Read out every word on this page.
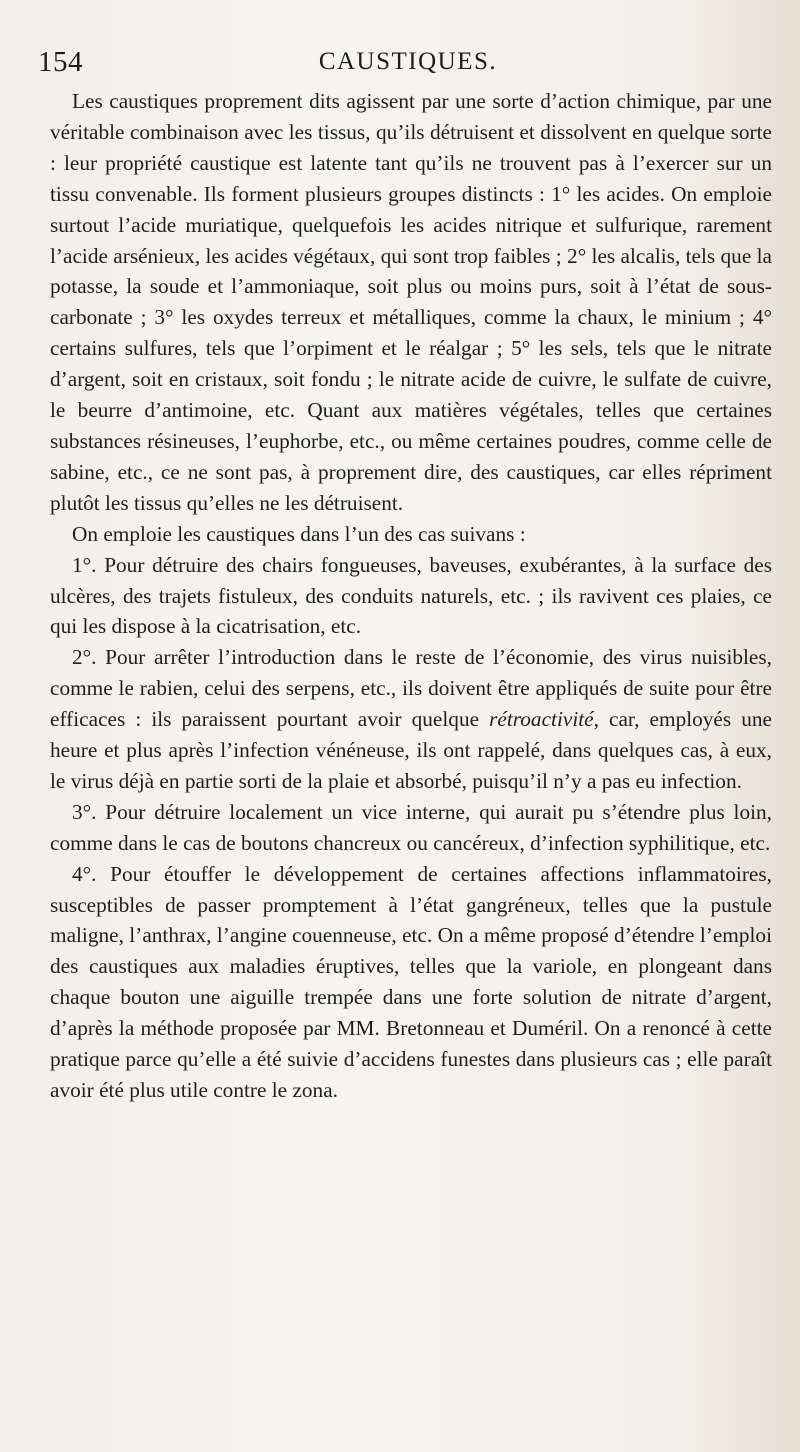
154	CAUSTIQUES.

Les caustiques proprement dits agissent par une sorte d’action chimique, par une véritable combinaison avec les tissus, qu’ils détruisent et dissolvent en quelque sorte : leur propriété caustique est latente tant qu’ils ne trouvent pas à l’exercer sur un tissu convenable. Ils forment plusieurs groupes distincts : 1° les acides. On emploie surtout l’acide muriatique, quelquefois les acides nitrique et sulfurique, rarement l’acide arsénieux, les acides végétaux, qui sont trop faibles ; 2° les alcalis, tels que la potasse, la soude et l’ammoniaque, soit plus ou moins purs, soit à l’état de sous-carbonate ; 3° les oxydes terreux et métalliques, comme la chaux, le minium ; 4° certains sulfures, tels que l’orpiment et le réalgar ; 5° les sels, tels que le nitrate d’argent, soit en cristaux, soit fondu ; le nitrate acide de cuivre, le sulfate de cuivre, le beurre d’antimoine, etc. Quant aux matières végétales, telles que certaines substances résineuses, l’euphorbe, etc., ou même certaines poudres, comme celle de sabine, etc., ce ne sont pas, à proprement dire, des caustiques, car elles répriment plutôt les tissus qu’elles ne les détruisent.

On emploie les caustiques dans l’un des cas suivans :

1°. Pour détruire des chairs fongueuses, baveuses, exubérantes, à la surface des ulcères, des trajets fistuleux, des conduits naturels, etc. ; ils ravivent ces plaies, ce qui les dispose à la cicatrisation, etc.

2°. Pour arrêter l’introduction dans le reste de l’économie, des virus nuisibles, comme le rabien, celui des serpens, etc., ils doivent être appliqués de suite pour être efficaces : ils paraissent pourtant avoir quelque rétroactivité, car, employés une heure et plus après l’infection vénéneuse, ils ont rappelé, dans quelques cas, à eux, le virus déjà en partie sorti de la plaie et absorbé, puisqu’il n’y a pas eu infection.

3°. Pour détruire localement un vice interne, qui aurait pu s’étendre plus loin, comme dans le cas de boutons chancreux ou cancéreux, d’infection syphilitique, etc.

4°. Pour étouffer le développement de certaines affections inflammatoires, susceptibles de passer promptement à l’état gangréneux, telles que la pustule maligne, l’anthrax, l’angine couenneuse, etc. On a même proposé d’étendre l’emploi des caustiques aux maladies éruptives, telles que la variole, en plongeant dans chaque bouton une aiguille trempée dans une forte solution de nitrate d’argent, d’après la méthode proposée par MM. Bretonneau et Duméril. On a renoncé à cette pratique parce qu’elle a été suivie d’accidens funestes dans plusieurs cas ; elle paraît avoir été plus utile contre le zona.
